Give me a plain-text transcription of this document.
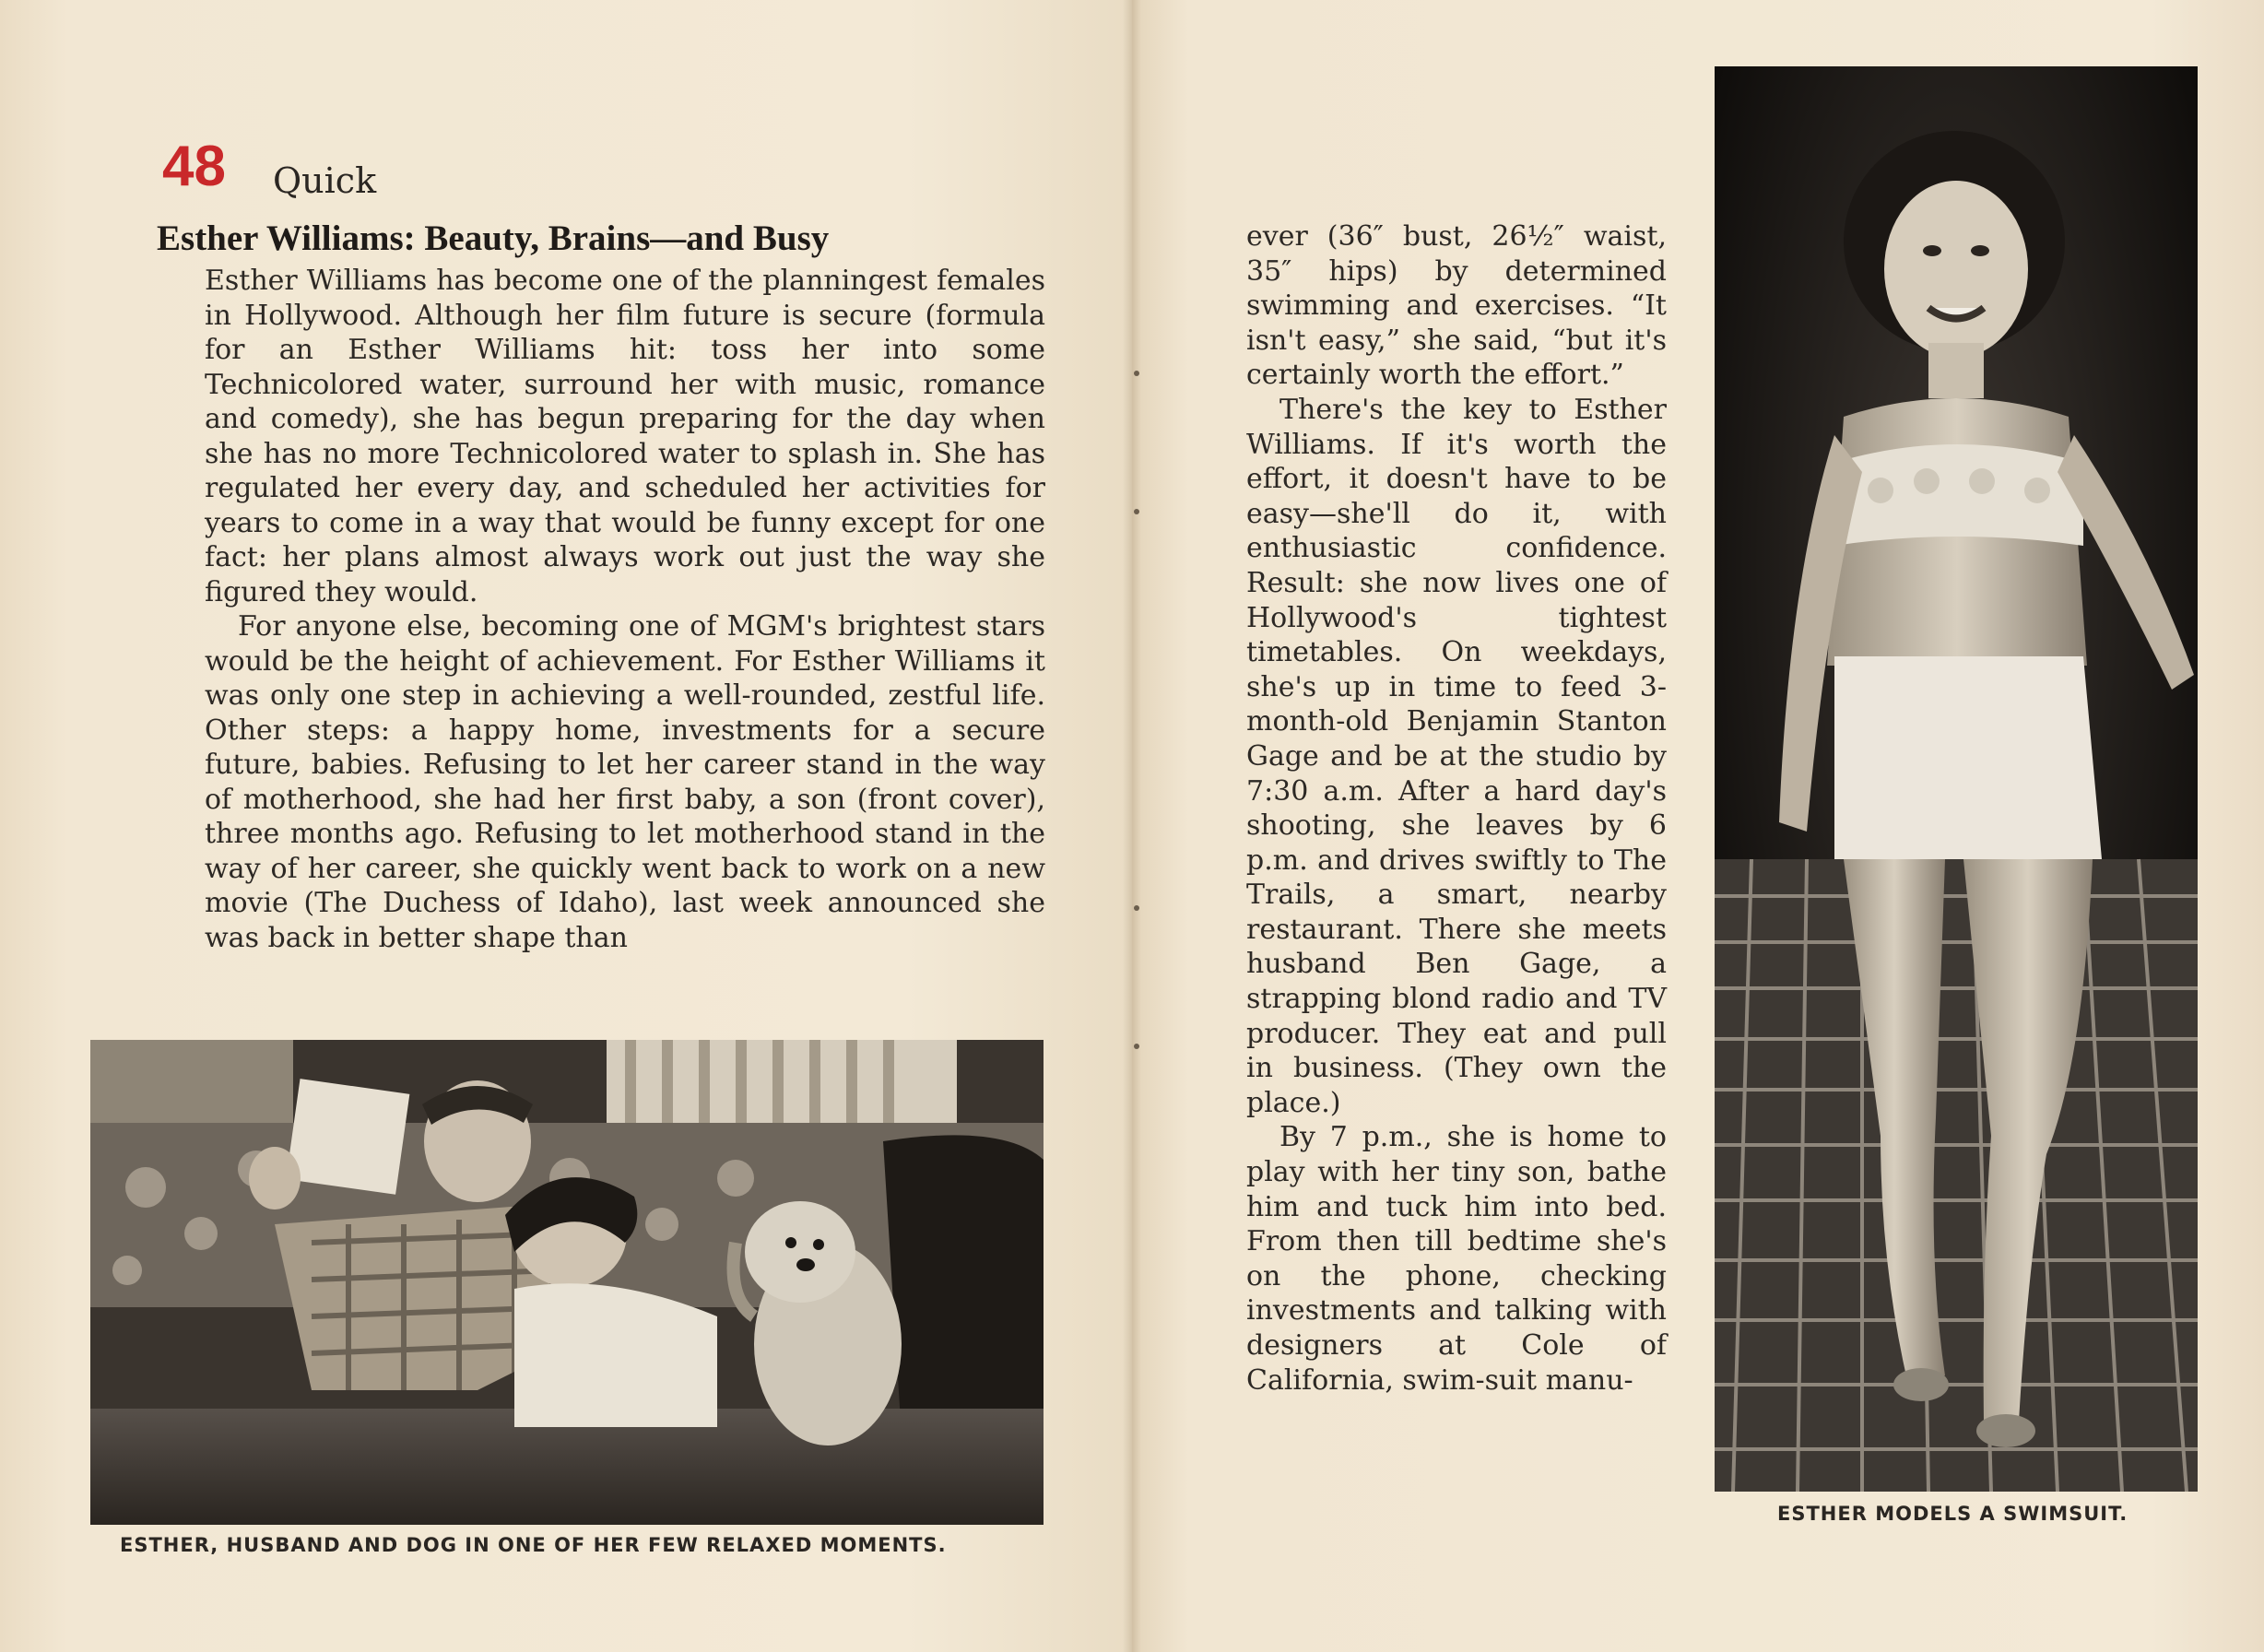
48 Quick
Esther Williams: Beauty, Brains—and Busy

Esther Williams has become one of the planningest females in Hollywood. Although her film future is secure (formula for an Esther Williams hit: toss her into some Technicolored water, surround her with music, romance and comedy), she has begun preparing for the day when she has no more Technicolored water to splash in. She has regulated her every day, and scheduled her activities for years to come in a way that would be funny except for one fact: her plans almost always work out just the way she figured they would.

For anyone else, becoming one of MGM's brightest stars would be the height of achievement. For Esther Williams it was only one step in achieving a well-rounded, zestful life. Other steps: a happy home, investments for a secure future, babies. Refusing to let her career stand in the way of motherhood, she had her first baby, a son (front cover), three months ago. Refusing to let motherhood stand in the way of her career, she quickly went back to work on a new movie (The Duchess of Idaho), last week announced she was back in better shape than

ESTHER, HUSBAND AND DOG IN ONE OF HER FEW RELAXED MOMENTS.

ever (36″ bust, 26½″ waist, 35″ hips) by determined swimming and exercises. “It isn't easy,” she said, “but it's certainly worth the effort.”

There's the key to Esther Williams. If it's worth the effort, it doesn't have to be easy—she'll do it, with enthusiastic confidence. Result: she now lives one of Hollywood's tightest timetables. On weekdays, she's up in time to feed 3-month-old Benjamin Stanton Gage and be at the studio by 7:30 a.m. After a hard day's shooting, she leaves by 6 p.m. and drives swiftly to The Trails, a smart, nearby restaurant. There she meets husband Ben Gage, a strapping blond radio and TV producer. They eat and pull in business. (They own the place.)

By 7 p.m., she is home to play with her tiny son, bathe him and tuck him into bed. From then till bedtime she's on the phone, checking investments and talking with designers at Cole of California, swim-suit manu-

ESTHER MODELS A SWIMSUIT.
